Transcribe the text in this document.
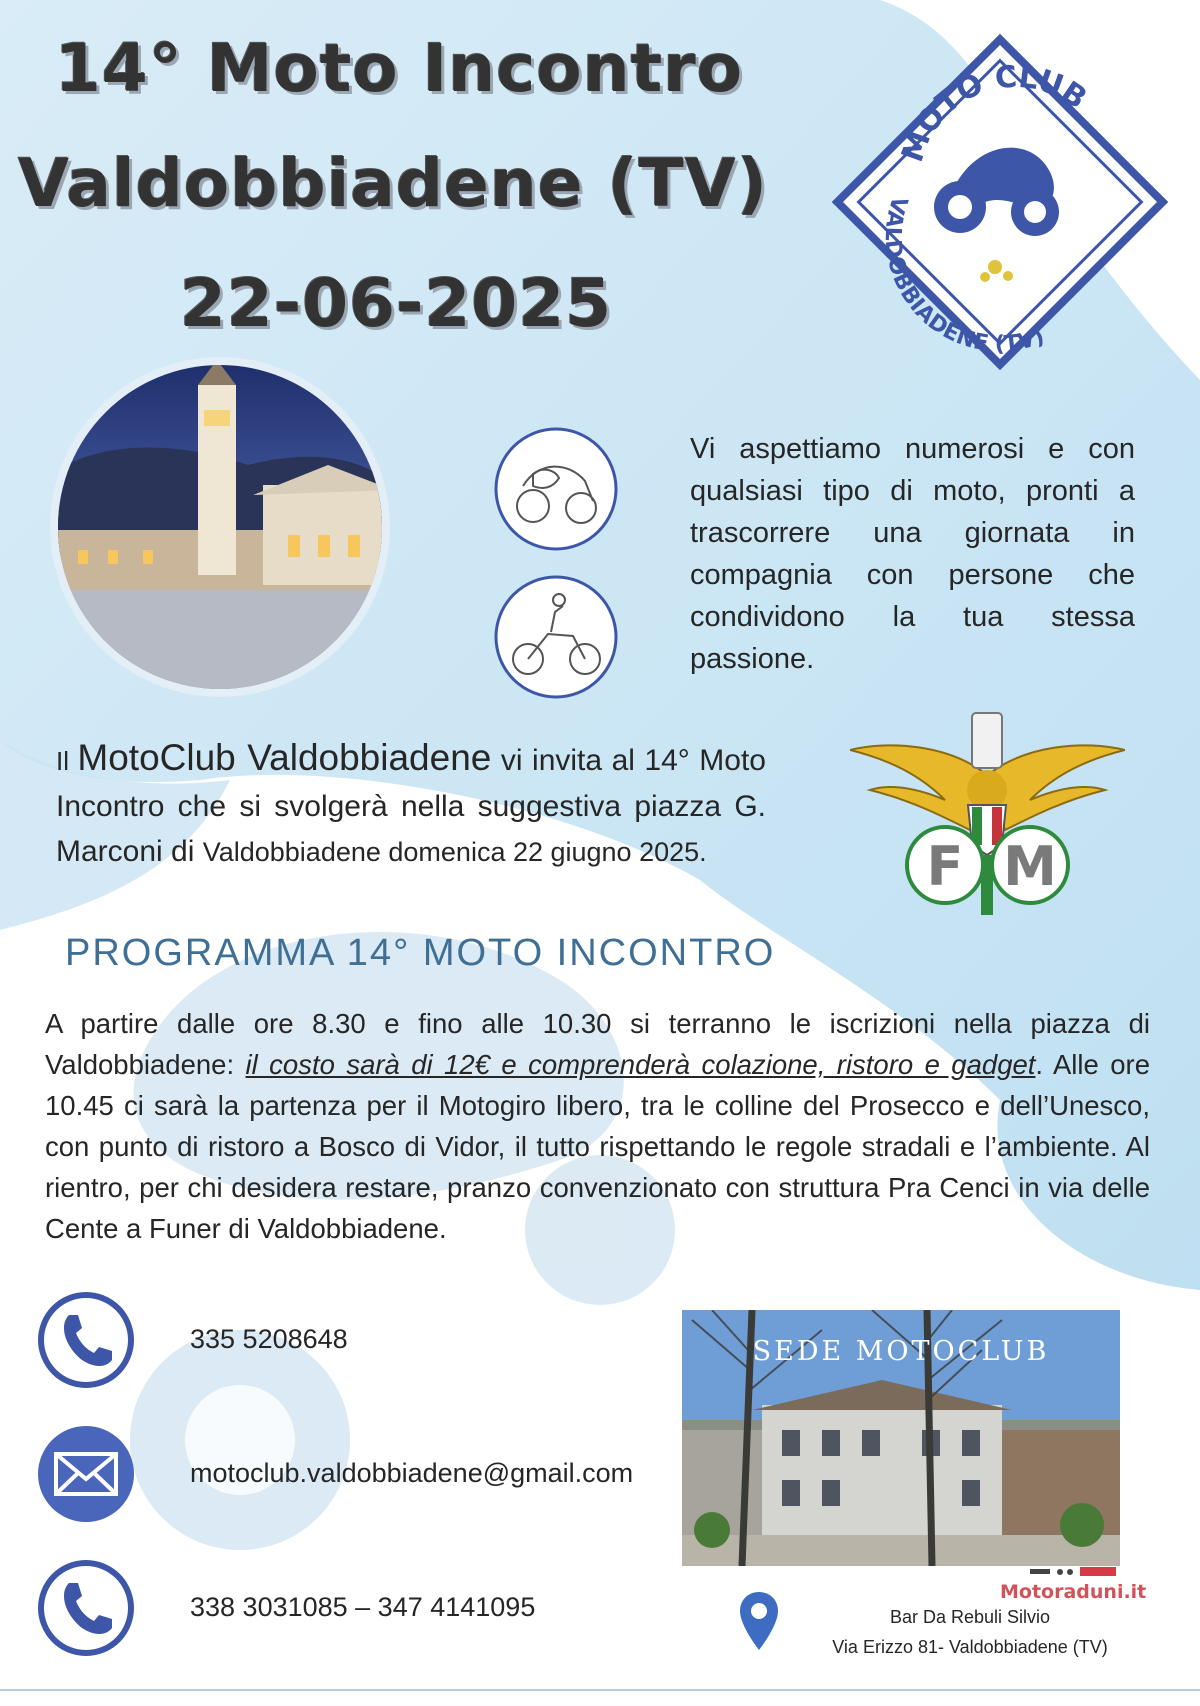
14° Moto Incontro
Valdobbiadene (TV)
22-06-2025
MOTO CLUB
VALDOBBIADENE (TV)
Vi aspettiamo numerosi e con qualsiasi tipo di moto, pronti a trascorrere una giornata in compagnia con persone che condividono la tua stessa passione.
Il MotoClub Valdobbiadene vi invita al 14° Moto Incontro che si svolgerà nella suggestiva piazza G. Marconi di Valdobbiadene domenica 22 giugno 2025.	F M
PROGRAMMA 14° MOTO INCONTRO
A partire dalle ore 8.30 e fino alle 10.30 si terranno le iscrizioni nella piazza di Valdobbiadene: il costo sarà di 12€ e comprenderà colazione, ristoro e gadget. Alle ore 10.45 ci sarà la partenza per il Motogiro libero, tra le colline del Prosecco e dell’Unesco, con punto di ristoro a Bosco di Vidor, il tutto rispettando le regole stradali e l’ambiente. Al rientro, per chi desidera restare, pranzo convenzionato con struttura Pra Cenci in via delle Cente a Funer di Valdobbiadene.
335 5208648
motoclub.valdobbiadene@gmail.com
338 3031085 – 347 4141095
SEDE MOTOCLUB
Motoraduni.it
Bar Da Rebuli Silvio
Via Erizzo 81- Valdobbiadene (TV)
